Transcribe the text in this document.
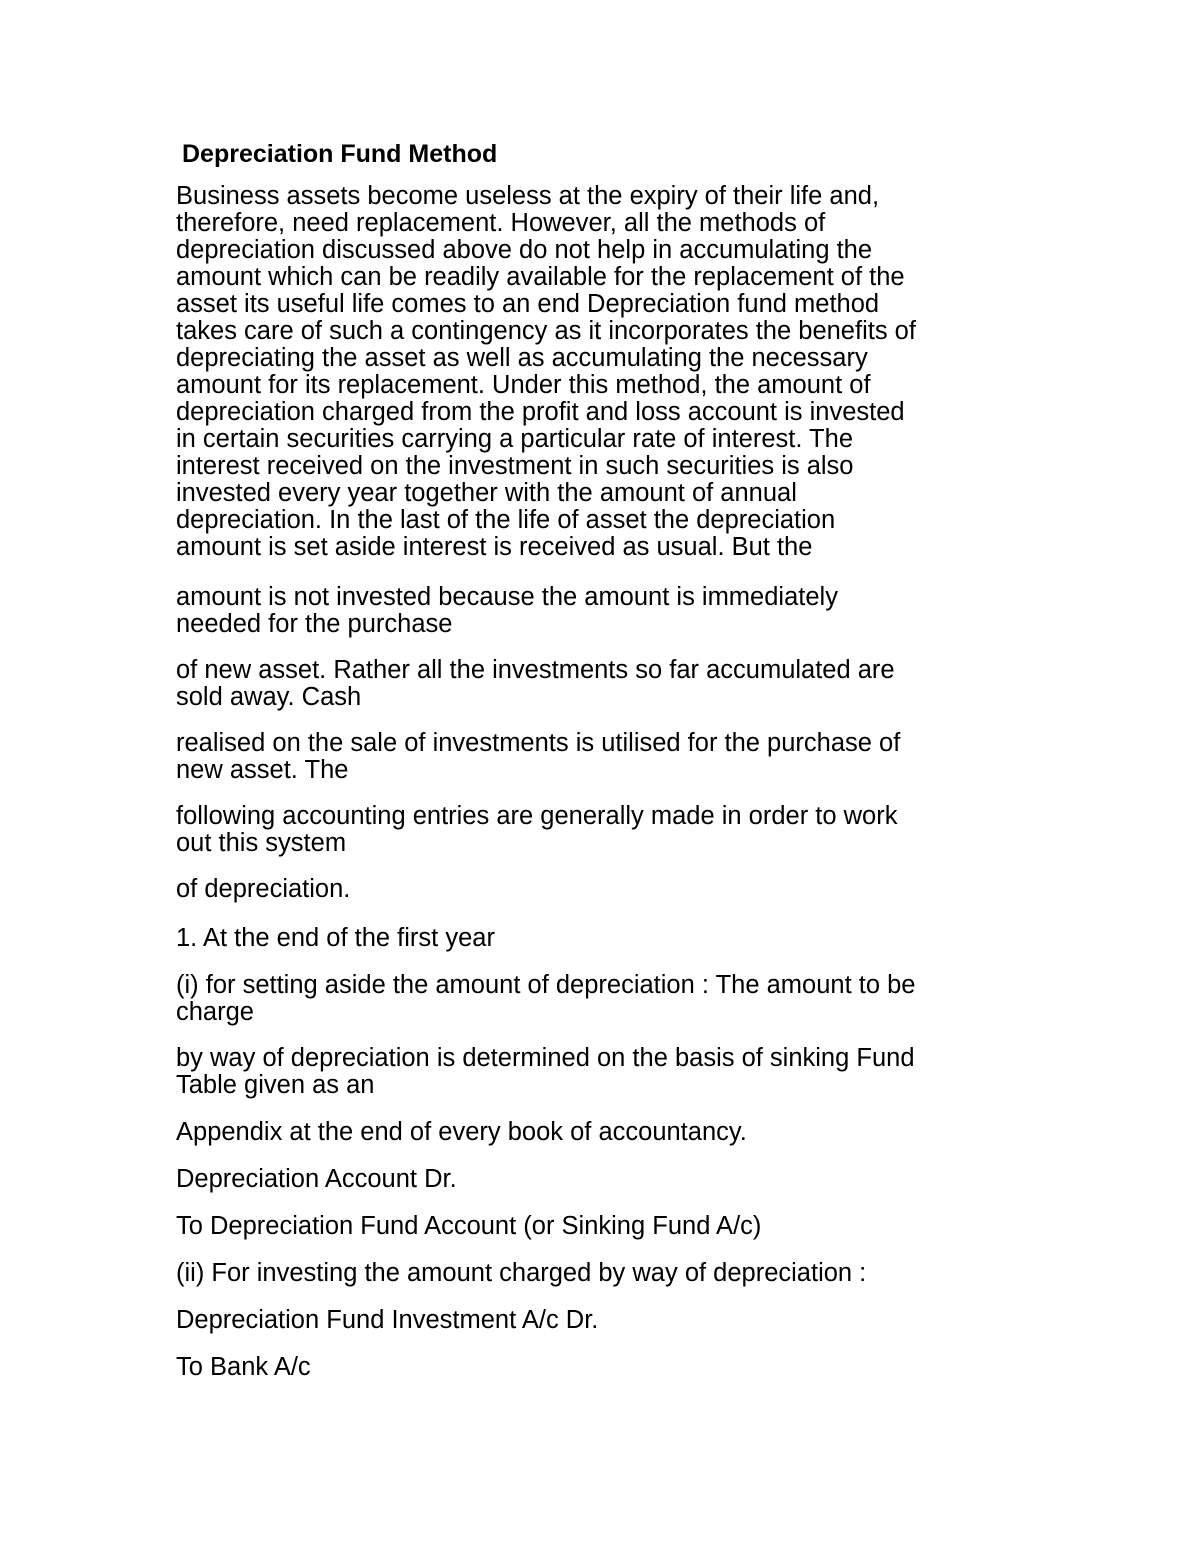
Depreciation Fund Method
Business assets become useless at the expiry of their life and,
therefore, need replacement. However, all the methods of
depreciation discussed above do not help in accumulating the
amount which can be readily available for the replacement of the
asset its useful life comes to an end Depreciation fund method
takes care of such a contingency as it incorporates the benefits of
depreciating the asset as well as accumulating the necessary
amount for its replacement. Under this method, the amount of
depreciation charged from the profit and loss account is invested
in certain securities carrying a particular rate of interest. The
interest received on the investment in such securities is also
invested every year together with the amount of annual
depreciation. In the last of the life of asset the depreciation
amount is set aside interest is received as usual. But the
amount is not invested because the amount is immediately
needed for the purchase
of new asset. Rather all the investments so far accumulated are
sold away. Cash
realised on the sale of investments is utilised for the purchase of
new asset. The
following accounting entries are generally made in order to work
out this system
of depreciation.
1. At the end of the first year
(i) for setting aside the amount of depreciation : The amount to be
charge
by way of depreciation is determined on the basis of sinking Fund
Table given as an
Appendix at the end of every book of accountancy.
Depreciation Account Dr.
To Depreciation Fund Account (or Sinking Fund A/c)
(ii) For investing the amount charged by way of depreciation :
Depreciation Fund Investment A/c Dr.
To Bank A/c
